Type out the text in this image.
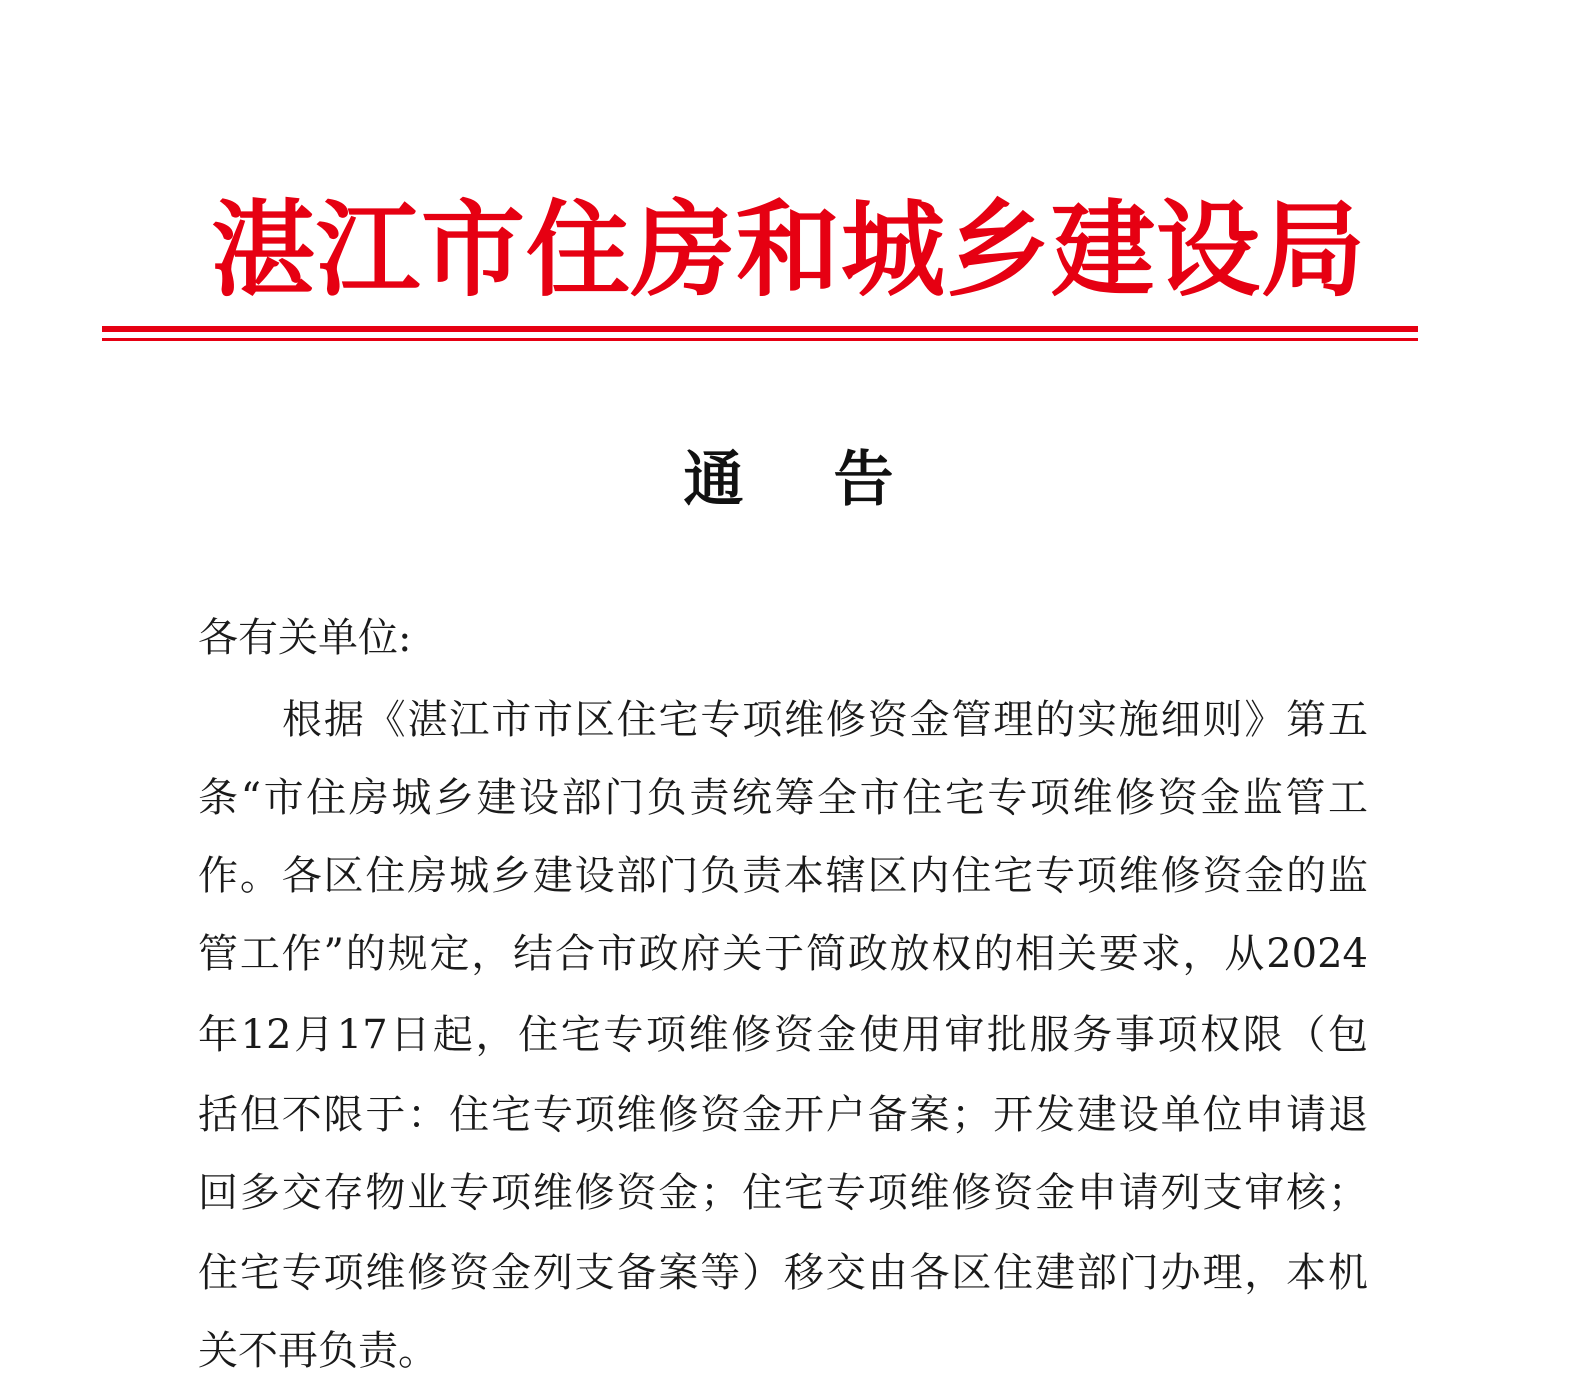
湛江市住房和城乡建设局
通告
各有关单位:
根据《湛江市市区住宅专项维修资金管理的实施细则》第五
条“市住房城乡建设部门负责统筹全市住宅专项维修资金监管工
作。各区住房城乡建设部门负责本辖区内住宅专项维修资金的监
管工作”的规定，结合市政府关于简政放权的相关要求，从2024
年12月17日起，住宅专项维修资金使用审批服务事项权限（包
括但不限于：住宅专项维修资金开户备案；开发建设单位申请退
回多交存物业专项维修资金；住宅专项维修资金申请列支审核；
住宅专项维修资金列支备案等）移交由各区住建部门办理，本机
关不再负责。
